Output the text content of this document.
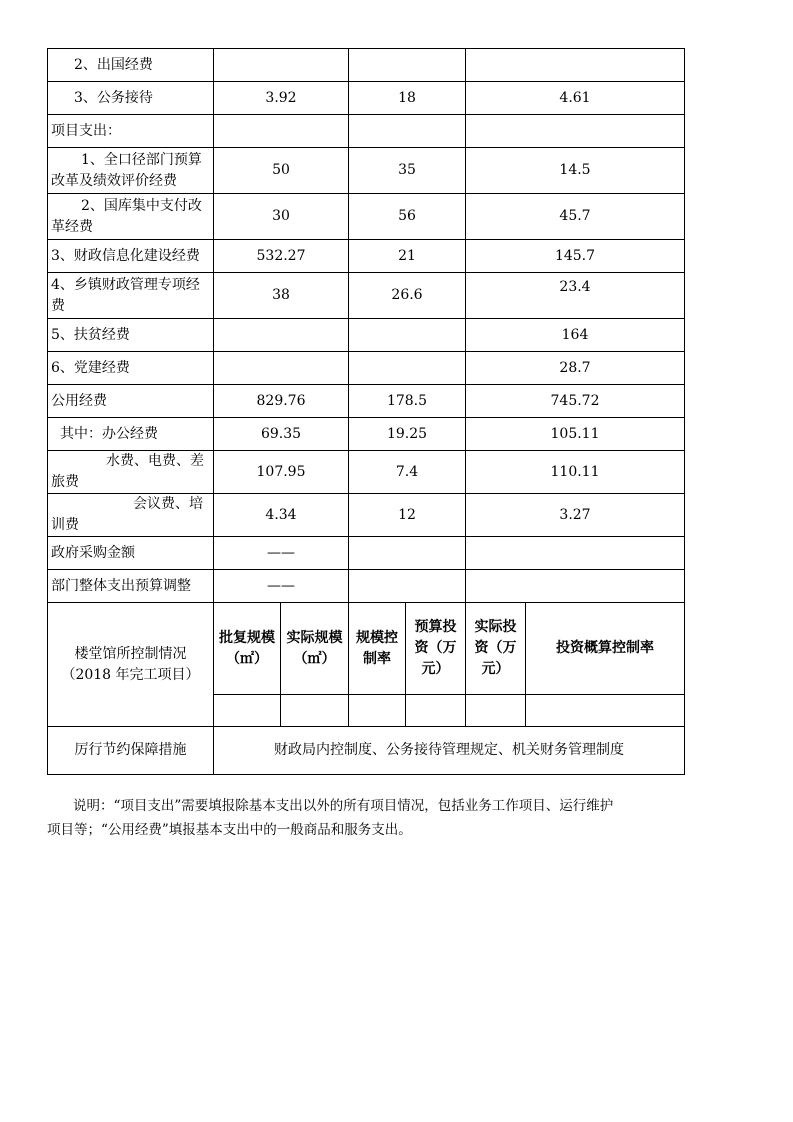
2、出国经费						
3、公务接待	3.92		18		4.61	
项目支出：						
1、全口径部门预算改革及绩效评价经费	50		35		14.5	
2、国库集中支付改革经费	30		56		45.7	
3、财政信息化建设经费	532.27		21		145.7	
4、乡镇财政管理专项经费	38		26.6		23.4	
5、扶贫经费					164	
6、党建经费					28.7	
公用经费	829.76		178.5		745.72	
其中：办公经费	69.35		19.25		105.11	

水费、电费、差旅费	107.95		7.4		110.11	

会议费、培训费	4.34		12		3.27	
政府采购金额	——					
部门整体支出预算调整	——					
楼堂馆所控制情况（2018 年完工项目）	批复规模（㎡）	实际规模（㎡）	规模控制率	预算投资（万元）	实际投资（万元）	投资概算控制率

厉行节约保障措施	财政局内控制度、公务接待管理规定、机关财务管理制度					
说明：“项目支出”需要填报除基本支出以外的所有项目情况，包括业务工作项目、运行维护
项目等；“公用经费”填报基本支出中的一般商品和服务支出。
